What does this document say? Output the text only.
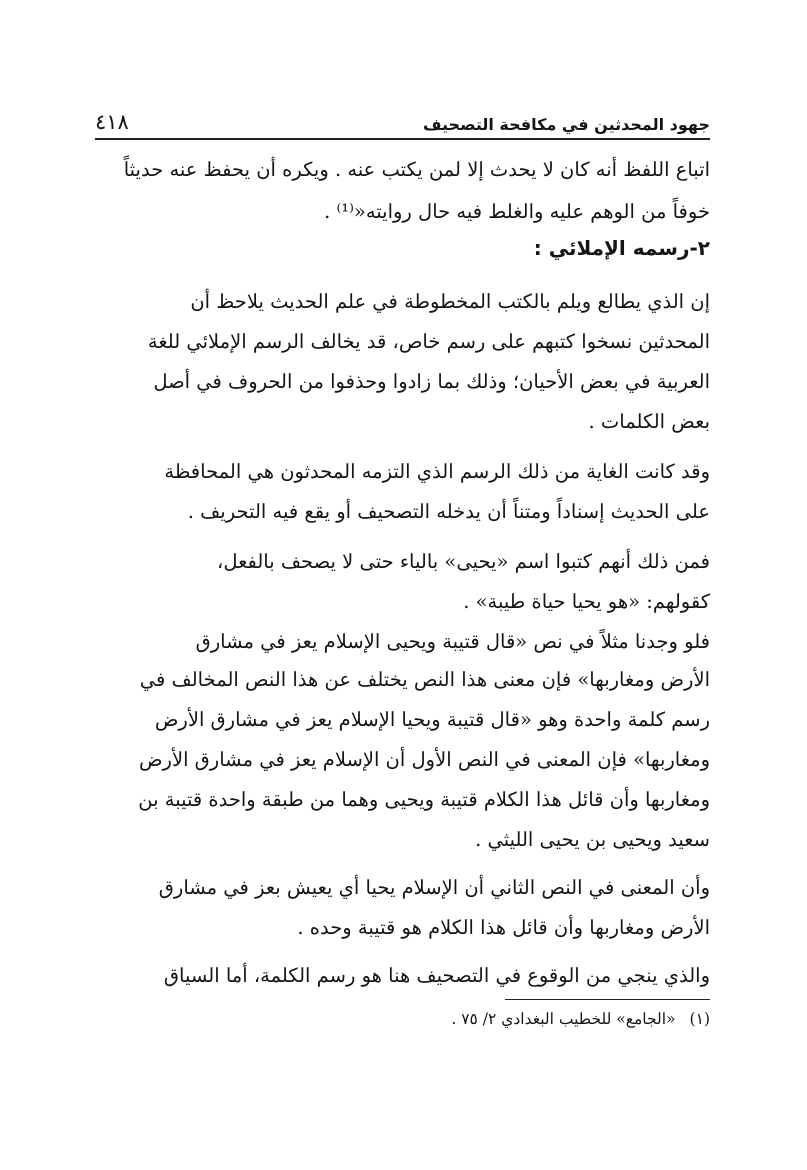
جهود المحدثين في مكافحة التصحيف
٤١٨
اتباع اللفظ أنه كان لا يحدث إلا لمن يكتب عنه . ويكره أن يحفظ عنه حديثاً
خوفاً من الوهم عليه والغلط فيه حال روايته«⁽¹⁾ .
٢-رسمه الإملائي :
إن الذي يطالع ويلم بالكتب المخطوطة في علم الحديث يلاحظ أن
المحدثين نسخوا كتبهم على رسم خاص، قد يخالف الرسم الإملائي للغة
العربية في بعض الأحيان؛ وذلك بما زادوا وحذفوا من الحروف في أصل
بعض الكلمات .
وقد كانت الغاية من ذلك الرسم الذي التزمه المحدثون هي المحافظة
على الحديث إسناداً ومتناً أن يدخله التصحيف أو يقع فيه التحريف .
فمن ذلك أنهم كتبوا اسم «يحيى» بالياء حتى لا يصحف بالفعل،
كقولهم: «هو يحيا حياة طيبة» .
فلو وجدنا مثلاً في نص «قال قتيبة ويحيى الإسلام يعز في مشارق
الأرض ومغاربها» فإن معنى هذا النص يختلف عن هذا النص المخالف في
رسم كلمة واحدة وهو «قال قتيبة ويحيا الإسلام يعز في مشارق الأرض
ومغاربها» فإن المعنى في النص الأول أن الإسلام يعز في مشارق الأرض
ومغاربها وأن قائل هذا الكلام قتيبة ويحيى وهما من طبقة واحدة قتيبة بن
سعيد ويحيى بن يحيى الليثي .
وأن المعنى في النص الثاني أن الإسلام يحيا أي يعيش بعز في مشارق
الأرض ومغاربها وأن قائل هذا الكلام هو قتيبة وحده .
والذي ينجي من الوقوع في التصحيف هنا هو رسم الكلمة، أما السياق
(١)«الجامع» للخطيب البغدادي ٢/ ٧٥ .
